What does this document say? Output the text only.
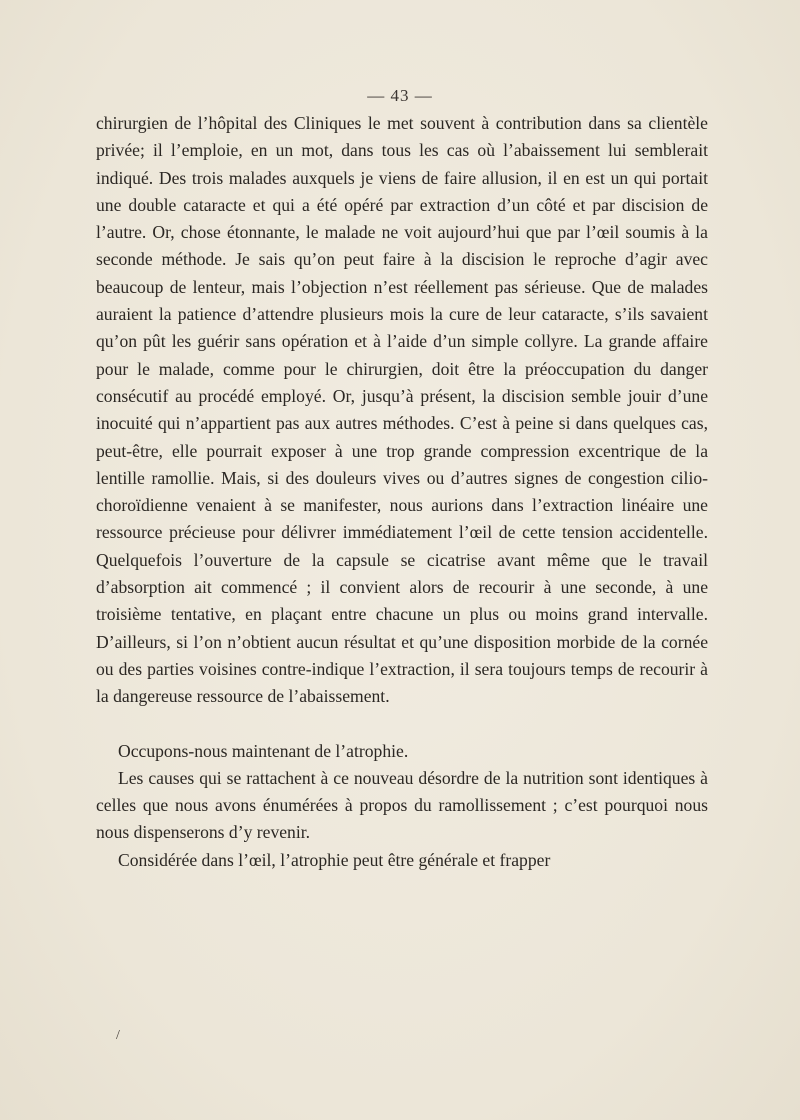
— 43 —

chirurgien de l’hôpital des Cliniques le met souvent à contribution dans sa clientèle privée; il l’emploie, en un mot, dans tous les cas où l’abaissement lui semblerait indiqué. Des trois malades auxquels je viens de faire allusion, il en est un qui portait une double cataracte et qui a été opéré par extraction d’un côté et par discision de l’autre. Or, chose étonnante, le malade ne voit aujourd’hui que par l’œil soumis à la seconde méthode. Je sais qu’on peut faire à la discision le reproche d’agir avec beaucoup de lenteur, mais l’objection n’est réellement pas sérieuse. Que de malades auraient la patience d’attendre plusieurs mois la cure de leur cataracte, s’ils savaient qu’on pût les guérir sans opération et à l’aide d’un simple collyre. La grande affaire pour le malade, comme pour le chirurgien, doit être la préoccupation du danger consécutif au procédé employé. Or, jusqu’à présent, la discision semble jouir d’une inocuité qui n’appartient pas aux autres méthodes. C’est à peine si dans quelques cas, peut-être, elle pourrait exposer à une trop grande compression excentrique de la lentille ramollie. Mais, si des douleurs vives ou d’autres signes de congestion cilio-choroïdienne venaient à se manifester, nous aurions dans l’extraction linéaire une ressource précieuse pour délivrer immédiatement l’œil de cette tension accidentelle. Quelquefois l’ouverture de la capsule se cicatrise avant même que le travail d’absorption ait commencé ; il convient alors de recourir à une seconde, à une troisième tentative, en plaçant entre chacune un plus ou moins grand intervalle. D’ailleurs, si l’on n’obtient aucun résultat et qu’une disposition morbide de la cornée ou des parties voisines contre-indique l’extraction, il sera toujours temps de recourir à la dangereuse ressource de l’abaissement.

Occupons-nous maintenant de l’atrophie.

Les causes qui se rattachent à ce nouveau désordre de la nutrition sont identiques à celles que nous avons énumérées à propos du ramollissement ; c’est pourquoi nous nous dispenserons d’y revenir.

Considérée dans l’œil, l’atrophie peut être générale et frapper

/
